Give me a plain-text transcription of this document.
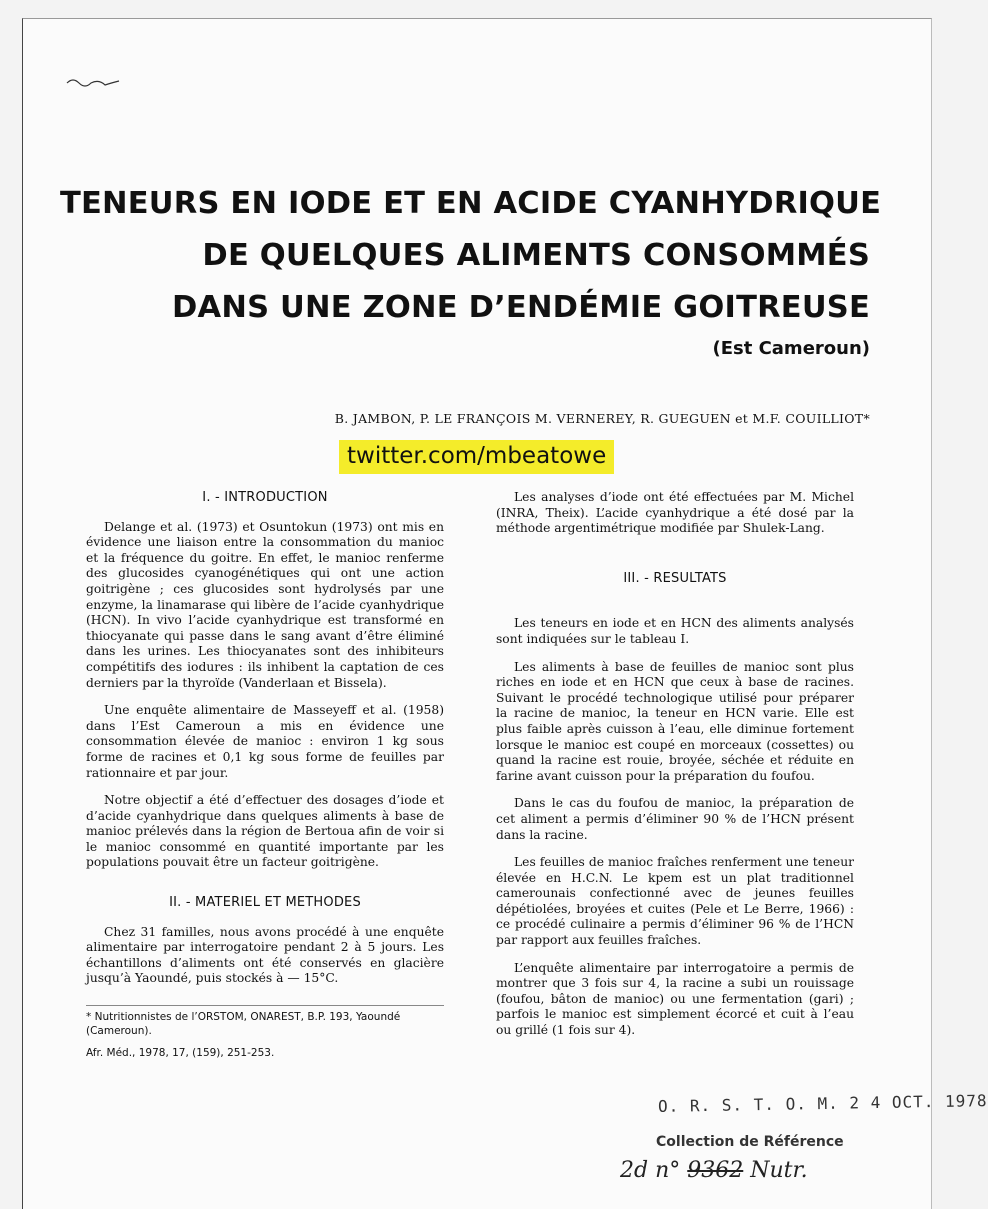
TENEURS EN IODE ET EN ACIDE CYANHYDRIQUE
DE QUELQUES ALIMENTS CONSOMMÉS
DANS UNE ZONE D’ENDÉMIE GOITREUSE
(Est Cameroun)
B. JAMBON, P. LE FRANÇOIS M. VERNEREY, R. GUEGUEN et M.F. COUILLIOT*
twitter.com/mbeatowe
I. - INTRODUCTION

Delange et al. (1973) et Osuntokun (1973) ont mis en évidence une liaison entre la consommation du manioc et la fréquence du goitre. En effet, le manioc renferme des glucosides cyanogénétiques qui ont une action goitrigène ; ces glucosides sont hydrolysés par une enzyme, la linamarase qui libère de l’acide cyanhydrique (HCN). In vivo l’acide cyanhydrique est transformé en thiocyanate qui passe dans le sang avant d’être éliminé dans les urines. Les thiocyanates sont des inhibiteurs compétitifs des iodures : ils inhibent la captation de ces derniers par la thyroïde (Vanderlaan et Bissela).

Une enquête alimentaire de Masseyeff et al. (1958) dans l’Est Cameroun a mis en évidence une consommation élevée de manioc : environ 1 kg sous forme de racines et 0,1 kg sous forme de feuilles par rationnaire et par jour.

Notre objectif a été d’effectuer des dosages d’iode et d’acide cyanhydrique dans quelques aliments à base de manioc prélevés dans la région de Bertoua afin de voir si le manioc consommé en quantité importante par les populations pouvait être un facteur goitrigène.

II. - MATERIEL ET METHODES

Chez 31 familles, nous avons procédé à une enquête alimentaire par interrogatoire pendant 2 à 5 jours. Les échantillons d’aliments ont été conservés en glacière jusqu’à Yaoundé, puis stockés à — 15°C.

* Nutritionnistes de l’ORSTOM, ONAREST, B.P. 193, Yaoundé (Cameroun).
Afr. Méd., 1978, 17, (159), 251-253.

Les analyses d’iode ont été effectuées par M. Michel (INRA, Theix). L’acide cyanhydrique a été dosé par la méthode argentimétrique modifiée par Shulek-Lang.

III. - RESULTATS

Les teneurs en iode et en HCN des aliments analysés sont indiquées sur le tableau I.

Les aliments à base de feuilles de manioc sont plus riches en iode et en HCN que ceux à base de racines. Suivant le procédé technologique utilisé pour préparer la racine de manioc, la teneur en HCN varie. Elle est plus faible après cuisson à l’eau, elle diminue fortement lorsque le manioc est coupé en morceaux (cossettes) ou quand la racine est rouie, broyée, séchée et réduite en farine avant cuisson pour la préparation du foufou.

Dans le cas du foufou de manioc, la préparation de cet aliment a permis d’éliminer 90 % de l’HCN présent dans la racine.

Les feuilles de manioc fraîches renferment une teneur élevée en H.C.N. Le kpem est un plat traditionnel camerounais confectionné avec de jeunes feuilles dépétiolées, broyées et cuites (Pele et Le Berre, 1966) : ce procédé culinaire a permis d’éliminer 96 % de l’HCN par rapport aux feuilles fraîches.

L’enquête alimentaire par interrogatoire a permis de montrer que 3 fois sur 4, la racine a subi un rouissage (foufou, bâton de manioc) ou une fermentation (gari) ; parfois le manioc est simplement écorcé et cuit à l’eau ou grillé (1 fois sur 4).

O. R. S. T. O. M. 2 4 OCT. 1978
Collection de Référence
2d n° 9362 Nutr.
